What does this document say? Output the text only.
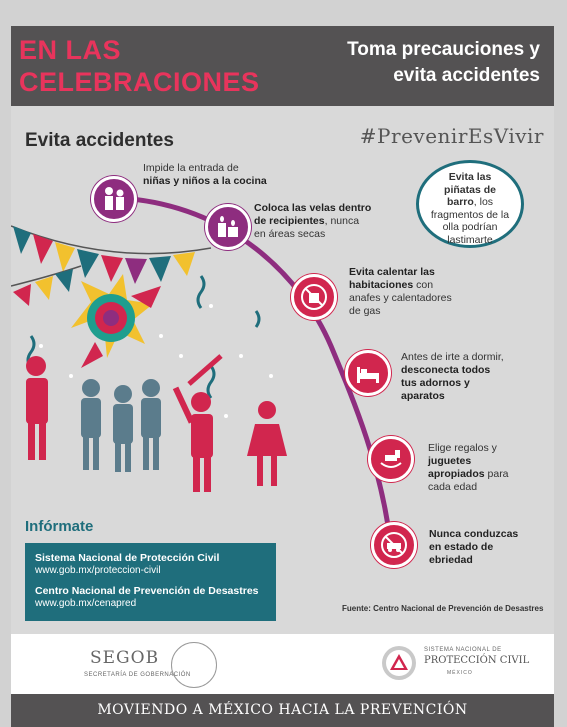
EN LAS
CELEBRACIONES
Toma precauciones y
evita accidentes
Evita accidentes	#PrevenirEsVivir
Impide la entrada de
niñas y niños a la cocina
Coloca las velas dentro
de recipientes, nunca
en áreas secas
Evita calentar las
habitaciones con
anafes y calentadores
de gas
Antes de irte a dormir,
desconecta todos
tus adornos y
aparatos
Elige regalos y
juguetes
apropiados para
cada edad
Nunca conduzcas
en estado de
ebriedad
Evita las
piñatas de
barro, los
fragmentos de la
olla podrían
lastimarte
Infórmate
Sistema Nacional de Protección Civil
www.gob.mx/proteccion-civil
Centro Nacional de Prevención de Desastres
www.gob.mx/cenapred	Fuente: Centro Nacional de Prevención de Desastres
SEGOB
SECRETARÍA DE GOBERNACIÓN
SISTEMA NACIONAL DE
PROTECCIÓN CIVIL
MÉXICO
MOVIENDO A MÉXICO HACIA LA PREVENCIÓN
